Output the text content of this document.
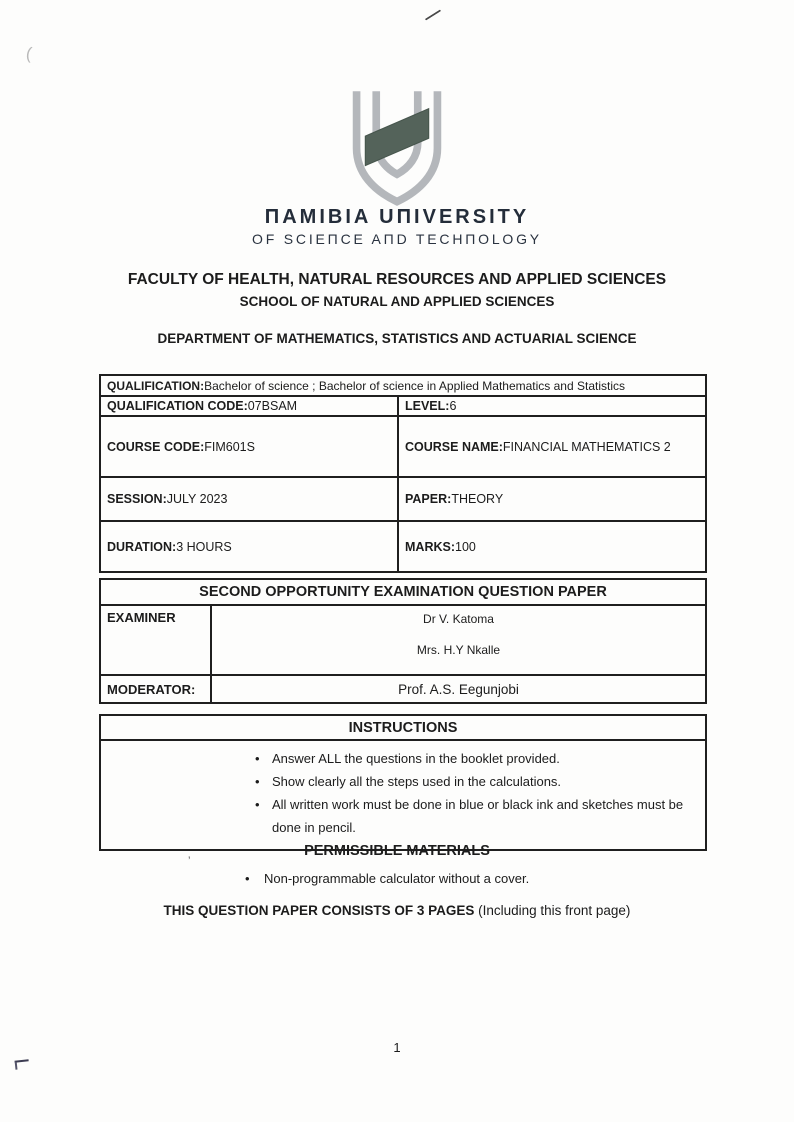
(
ΠAMIBIA UΠIVERSITY
OF SCIEΠCE AΠD TECHΠOLOGY
FACULTY OF HEALTH, NATURAL RESOURCES AND APPLIED SCIENCES
SCHOOL OF NATURAL AND APPLIED SCIENCES
DEPARTMENT OF MATHEMATICS, STATISTICS AND ACTUARIAL SCIENCE
QUALIFICATION: Bachelor of science ; Bachelor of science in Applied Mathematics and Statistics
QUALIFICATION CODE: 07BSAM	LEVEL: 6
COURSE CODE: FIM601S	COURSE NAME: FINANCIAL MATHEMATICS 2
SESSION: JULY 2023	PAPER: THEORY
DURATION: 3 HOURS	MARKS: 100
SECOND OPPORTUNITY EXAMINATION QUESTION PAPER
EXAMINER	Dr V. Katoma
Mrs. H.Y Nkalle
MODERATOR:	Prof. A.S. Eegunjobi
INSTRUCTIONS
• Answer ALL the questions in the booklet provided.
• Show clearly all the steps used in the calculations.
• All written work must be done in blue or black ink and sketches must be done in pencil.
’
PERMISSIBLE MATERIALS
• Non-programmable calculator without a cover.
THIS QUESTION PAPER CONSISTS OF 3 PAGES (Including this front page)
1
